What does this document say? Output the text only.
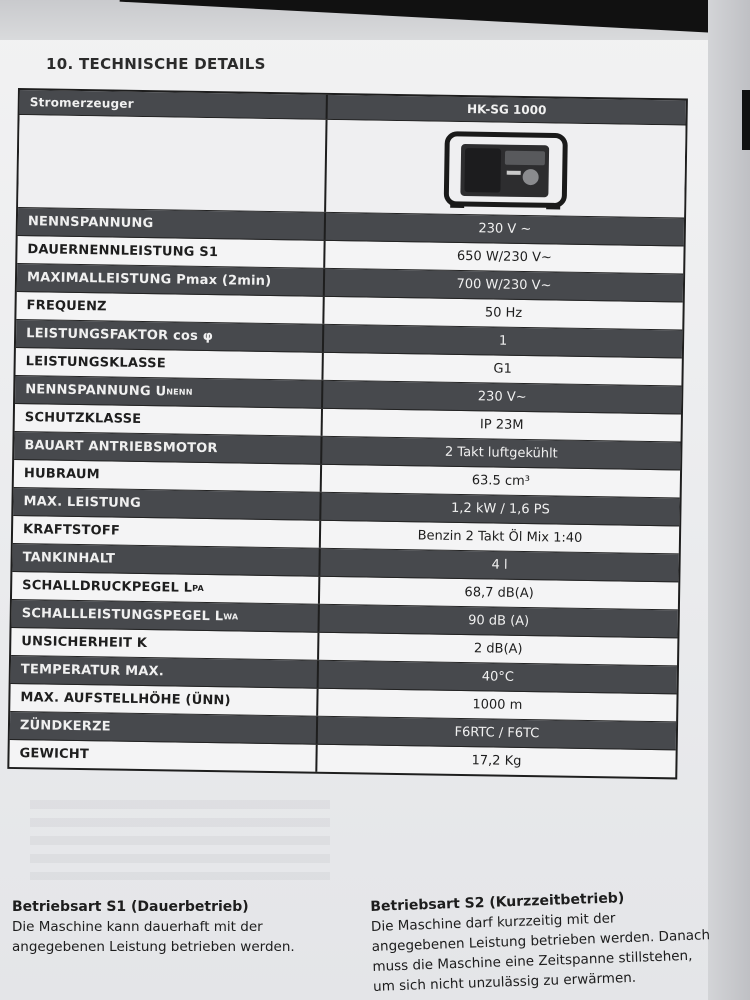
10. TECHNISCHE DETAILS
Stromerzeuger	HK-SG 1000
NENNSPANNUNG	230 V ~
DAUERNENNLEISTUNG S1	650 W/230 V~
MAXIMALLEISTUNG Pmax (2min)	700 W/230 V~
FREQUENZ	50 Hz
LEISTUNGSFAKTOR cos φ	1
LEISTUNGSKLASSE	G1
NENNSPANNUNG U NENN	230 V~
SCHUTZKLASSE	IP 23M
BAUART ANTRIEBSMOTOR	2 Takt luftgekühlt
HUBRAUM	63.5 cm³
MAX. LEISTUNG	1,2 kW / 1,6 PS
KRAFTSTOFF	Benzin 2 Takt Öl Mix 1:40
TANKINHALT	4 l
SCHALLDRUCKPEGEL L PA	68,7 dB(A)
SCHALLLEISTUNGSPEGEL L WA	90 dB (A)
UNSICHERHEIT K	2 dB(A)
TEMPERATUR MAX.	40°C
MAX. AUFSTELLHÖHE (ÜNN)	1000 m
ZÜNDKERZE	F6RTC / F6TC
GEWICHT	17,2 Kg
Betriebsart S1 (Dauerbetrieb)
Die Maschine kann dauerhaft mit der angegebenen Leistung betrieben werden.
Betriebsart S2 (Kurzzeitbetrieb)
Die Maschine darf kurzzeitig mit der angegebenen Leistung betrieben werden. Danach muss die Maschine eine Zeitspanne stillstehen, um sich nicht unzulässig zu erwärmen.
